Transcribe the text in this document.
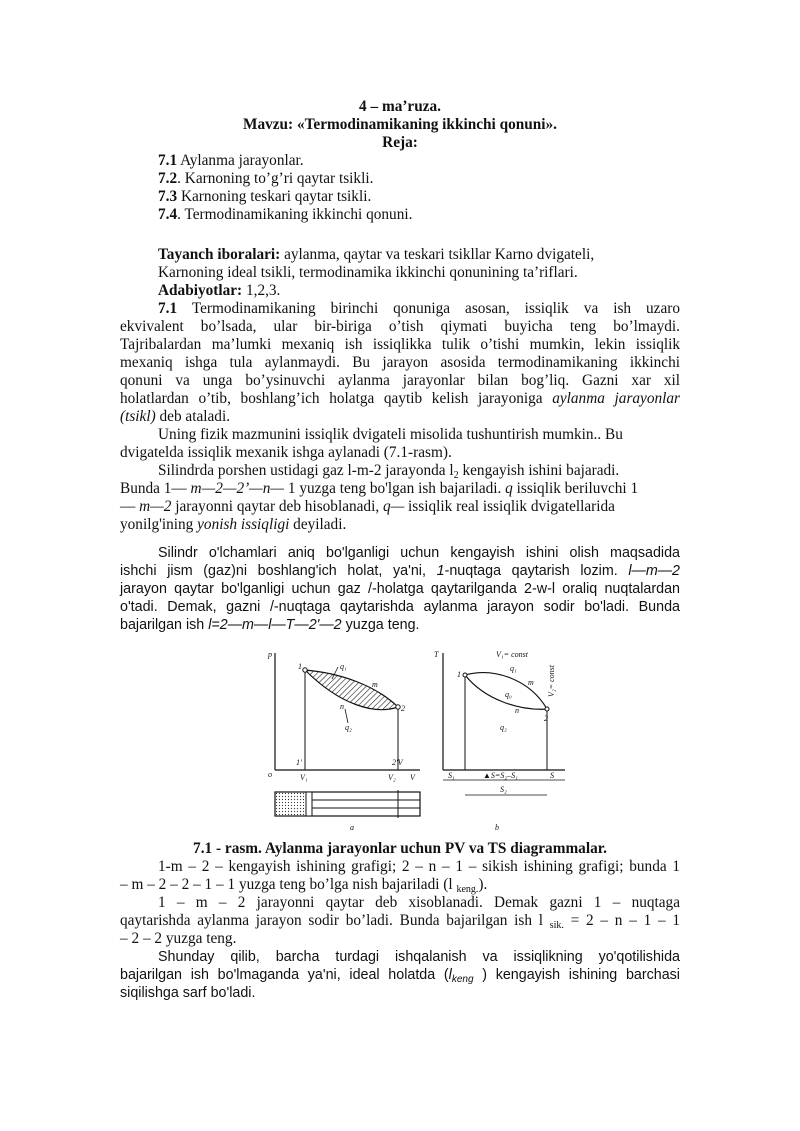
4 – ma’ruza.
Mavzu: «Termodinamikaning ikkinchi qonuni».
Reja:
7.1 Aylanma jarayonlar.
7.2. Karnoning to’g’ri qaytar tsikli.
7.3 Karnoning teskari qaytar tsikli.
7.4. Termodinamikaning ikkinchi qonuni.
Tayanch iboralari: aylanma, qaytar va teskari tsikllar Karno dvigateli,
Karnoning ideal tsikli, termodinamika ikkinchi qonunining ta’riflari.
Adabiyotlar: 1,2,3.
7.1 Termodinamikaning birinchi qonuniga asosan, issiqlik va ish uzaro
ekvivalent bo’lsada, ular bir-biriga o’tish qiymati buyicha teng bo’lmaydi.
Tajribalardan ma’lumki mexaniq ish issiqlikka tulik o’tishi mumkin, lekin issiqlik
mexaniq ishga tula aylanmaydi. Bu jarayon asosida termodinamikaning ikkinchi
qonuni va unga bo’ysinuvchi aylanma jarayonlar bilan bog’liq. Gazni xar xil
holatlardan o’tib, boshlang’ich holatga qaytib kelish jarayoniga aylanma jarayonlar
(tsikl) deb ataladi.
Uning fizik mazmunini issiqlik dvigateli misolida tushuntirish mumkin.. Bu
dvigatelda issiqlik mexanik ishga aylanadi (7.1-rasm).
Silindrda porshen ustidagi gaz l-m-2 jarayonda $l_2$ kengayish ishini bajaradi.
Bunda 1— m—2—2’—n— 1 yuzga teng bo'lgan ish bajariladi. q issiqlik beriluvchi 1
— m—2 jarayonni qaytar deb hisoblanadi, q— issiqlik real issiqlik dvigatellarida
yonilg'ining yonish issiqligi deyiladi.
Silindr o'lchamlari aniq bo'lganligi uchun kengayish ishini olish maqsadida
ishchi jism (gaz)ni boshlang'ich holat, ya'ni, 1-nuqtaga qaytarish lozim. l—m—2
jarayon qaytar bo'lganligi uchun gaz /-holatga qaytarilganda 2-w-l oraliq nuqtalardan
o'tadi. Demak, gazni /-nuqtaga qaytarishda aylanma jarayon sodir bo'ladi. Bunda
bajarilgan ish l=2—m—l—T—2'—2 yuzga teng.
p
o	V₁	V₂ V
1
2
1'	2'V
q₁
q₂
m
n
a
T	V₁= const
V₂= const
q₁
q₀
q₂
m
n
1
2
S₁	S
▲S=S₂–S₁
S₂
b
7.1 - rasm. Aylanma jarayonlar uchun PV va TS diagrammalar.
1-m – 2 – kengayish ishining grafigi; 2 – n – 1 – sikish ishining grafigi; bunda 1
– m – 2 – 2 – 1 – 1 yuzga teng bo’lga nish bajariladi (l $_{keng.}$).
1 – m – 2 jarayonni qaytar deb xisoblanadi. Demak gazni 1 – nuqtaga
qaytarishda aylanma jarayon sodir bo’ladi. Bunda bajarilgan ish l $_{sik.}$ = 2 – n – 1 – 1
– 2 – 2 yuzga teng.
Shunday qilib, barcha turdagi ishqalanish va issiqlikning yo'qotilishida
bajarilgan ish bo'lmaganda ya'ni, ideal holatda ($l_{keng}$ ) kengayish ishining barchasi
siqilishga sarf bo'ladi.
